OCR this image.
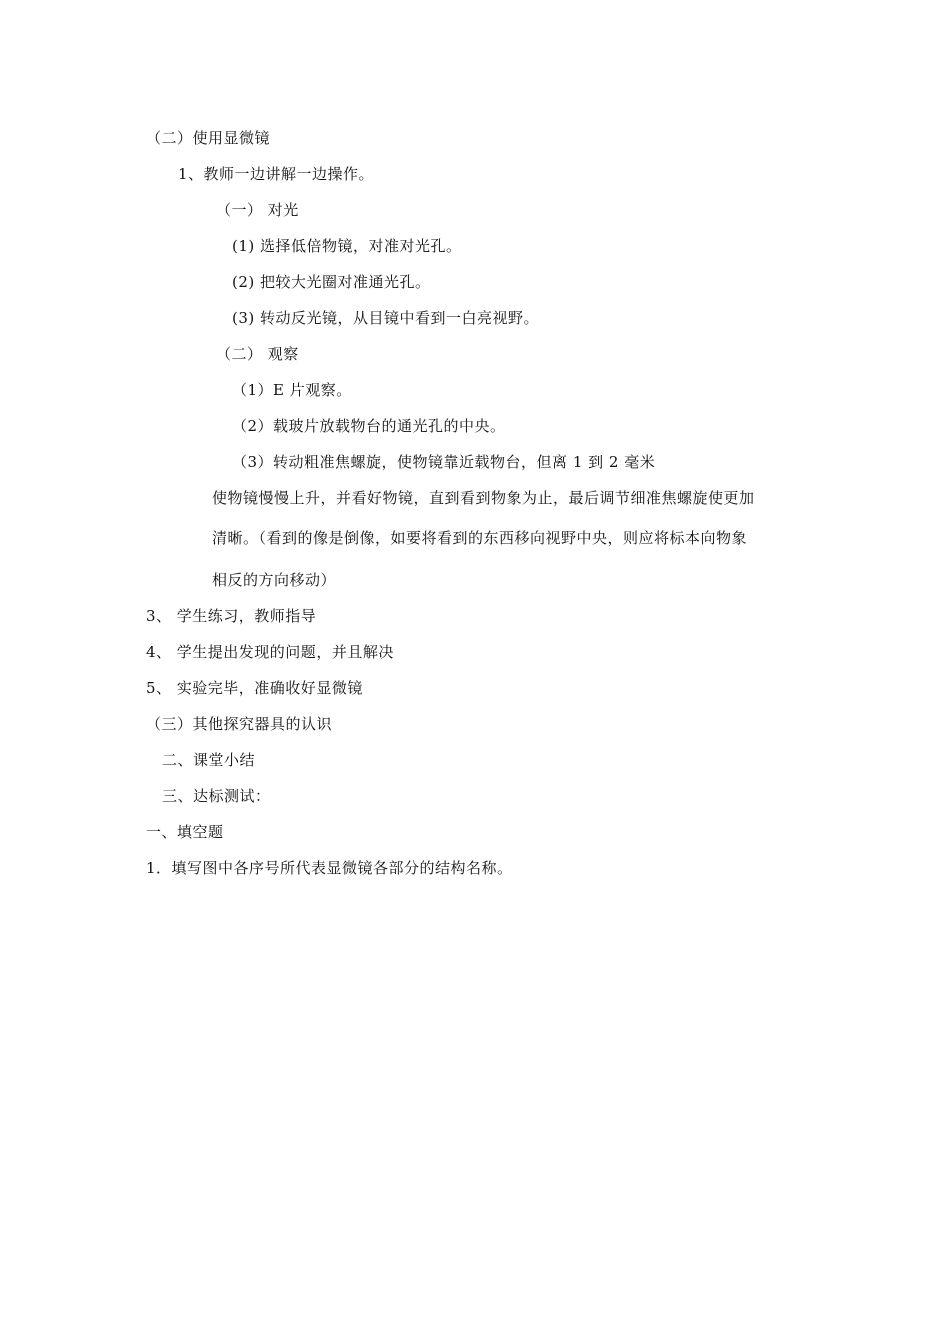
（二）使用显微镜
1、教师一边讲解一边操作。
（一） 对光
(1) 选择低倍物镜，对准对光孔。
(2) 把较大光圈对准通光孔。
(3) 转动反光镜，从目镜中看到一白亮视野。
（二） 观察
（1）E 片观察。
（2）载玻片放载物台的通光孔的中央。
（3）转动粗准焦螺旋，使物镜靠近载物台，但离 1 到 2 毫米
使物镜慢慢上升，并看好物镜，直到看到物象为止，最后调节细准焦螺旋使更加
清晰。（看到的像是倒像，如要将看到的东西移向视野中央，则应将标本向物象
相反的方向移动）
3、 学生练习，教师指导
4、 学生提出发现的问题，并且解决
5、 实验完毕，准确收好显微镜
（三）其他探究器具的认识
二、课堂小结
三、达标测试：
一、填空题
1．填写图中各序号所代表显微镜各部分的结构名称。
